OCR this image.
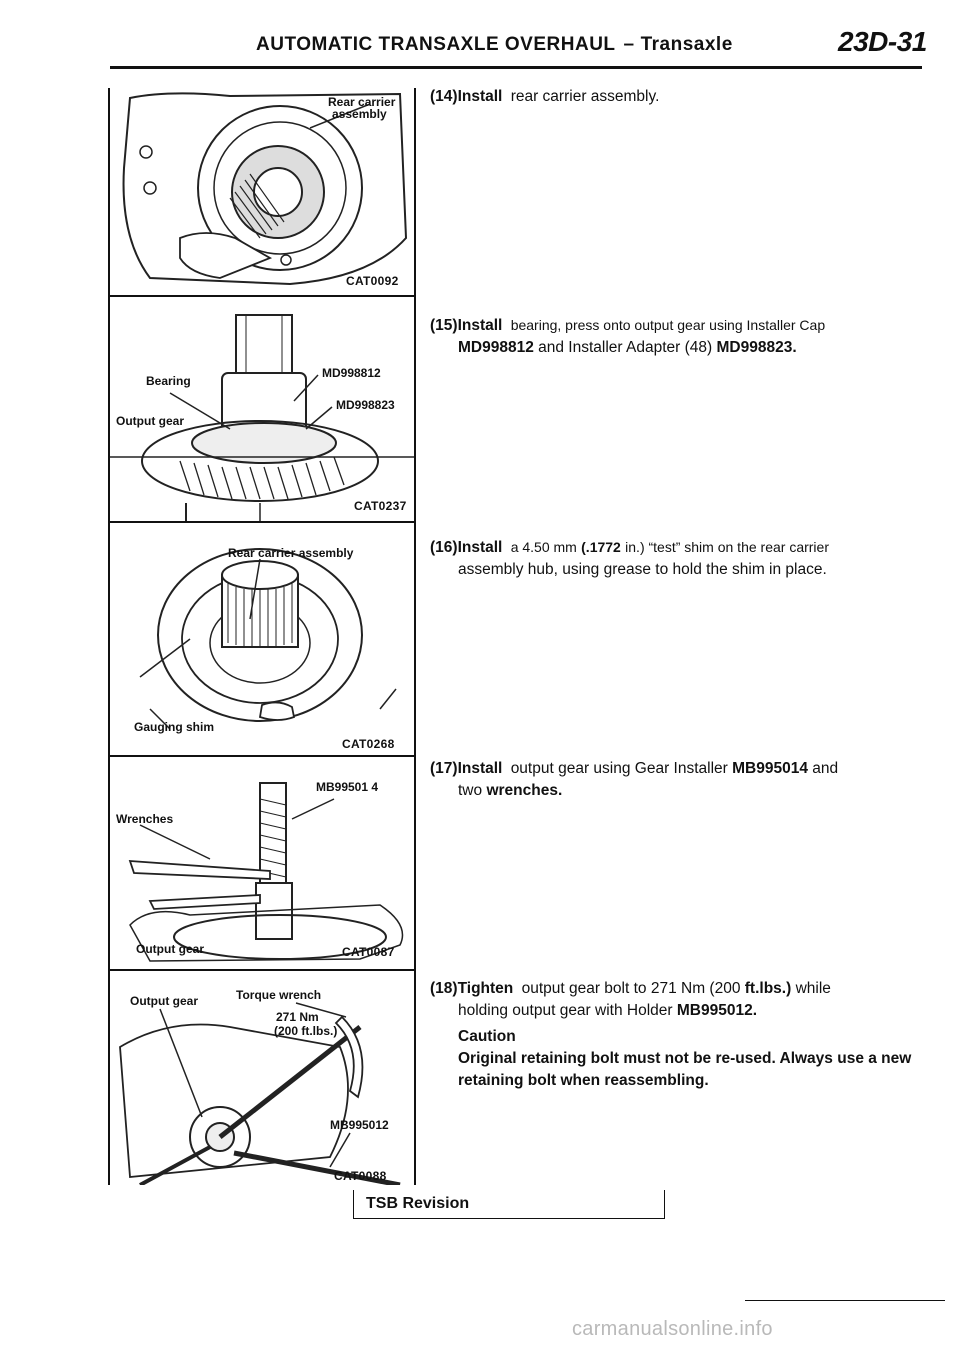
AUTOMATIC TRANSAXLE OVERHAUL – Transaxle	23D-31
Rear carrier
assembly
CAT0092
Bearing
MD998812
MD998823
Output gear
CAT0237
Rear carrier assembly
Gauging shim
CAT0268
MB99501 4
Wrenches
Output gear	CAT0087
Output gear	Torque wrench
271 Nm
(200 ft.lbs.)
MB995012
CAT0088
(14)Install rear carrier assembly.
(15)Install bearing, press onto output gear using Installer Cap
MD998812 and Installer Adapter (48) MD998823.
(16)Install a 4.50 mm (.1772 in.) “test” shim on the rear carrier
assembly hub, using grease to hold the shim in place.
(17)Install output gear using Gear Installer MB995014 and
two wrenches.
(18)Tighten output gear bolt to 271 Nm (200 ft.lbs.) while
holding output gear with Holder MB995012.
Caution
Original retaining bolt must not be re-used. Always use a new retaining bolt when reassembling.
TSB Revision
carmanualsonline.info
